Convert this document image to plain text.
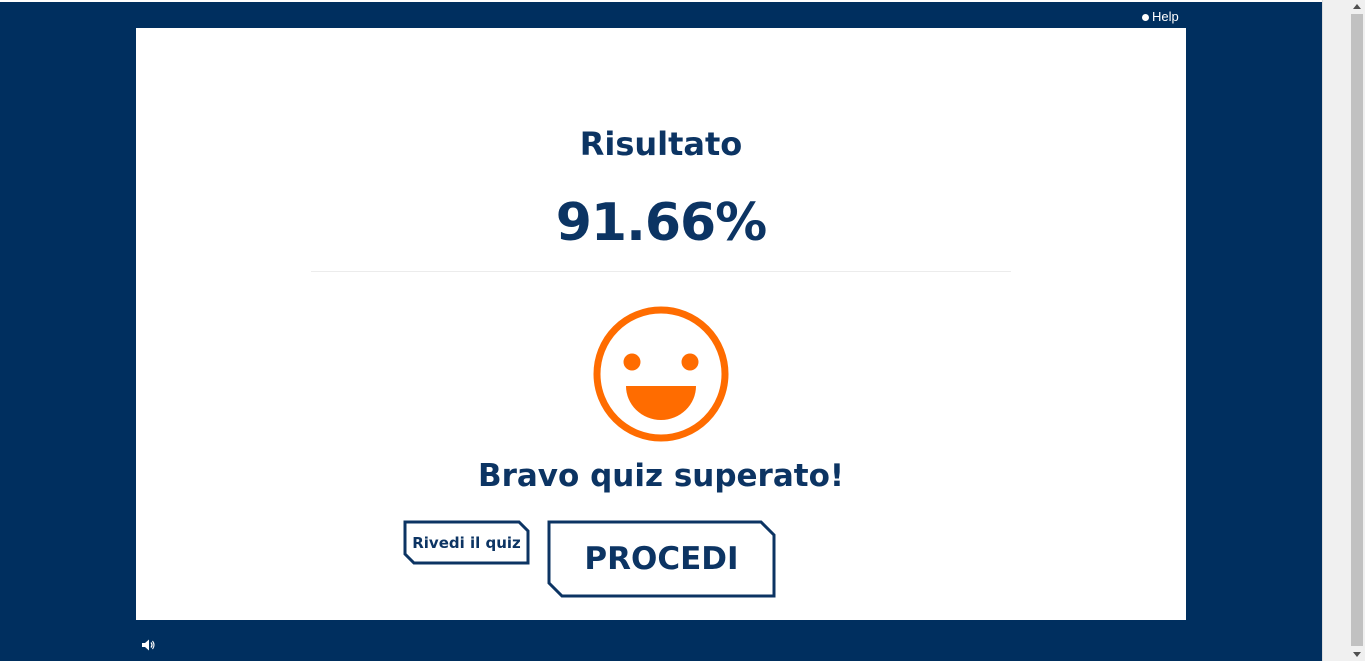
Help
Risultato
91.66%
Bravo quiz superato!
Rivedi il quiz	PROCEDI
